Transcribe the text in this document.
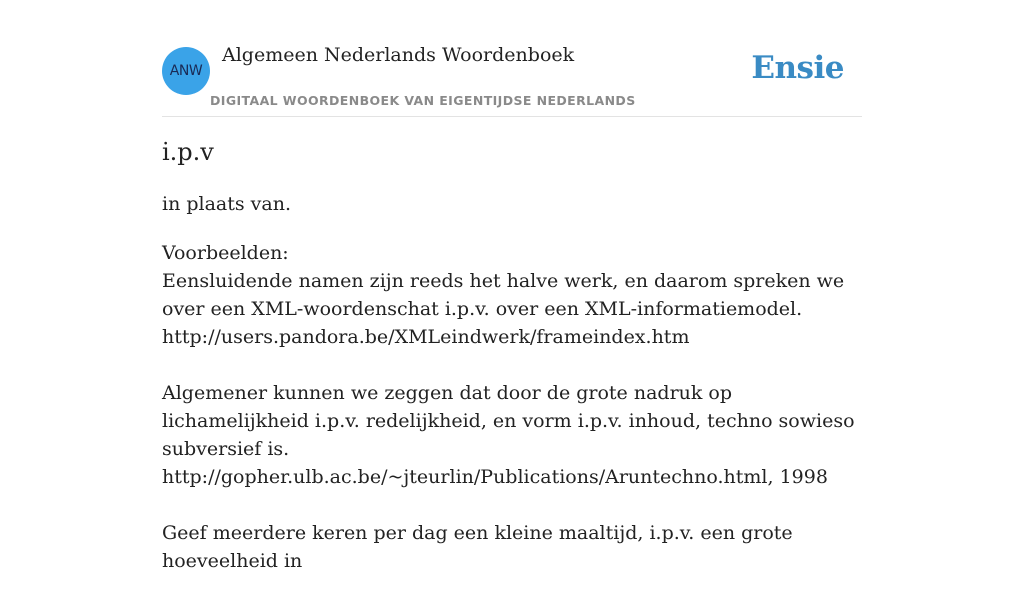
ANW
Algemeen Nederlands Woordenboek
DIGITAAL WOORDENBOEK VAN EIGENTIJDSE NEDERLANDS
Ensie
i.p.v
in plaats van.
Voorbeelden:
Eensluidende namen zijn reeds het halve werk, en daarom spreken we over een XML-woordenschat i.p.v. over een XML-informatiemodel.
http://users.pandora.be/XMLeindwerk/frameindex.htm
Algemener kunnen we zeggen dat door de grote nadruk op lichamelijkheid i.p.v. redelijkheid, en vorm i.p.v. inhoud, techno sowieso subversief is.
http://gopher.ulb.ac.be/~jteurlin/Publications/Aruntechno.html, 1998
Geef meerdere keren per dag een kleine maaltijd, i.p.v. een grote hoeveelheid in
